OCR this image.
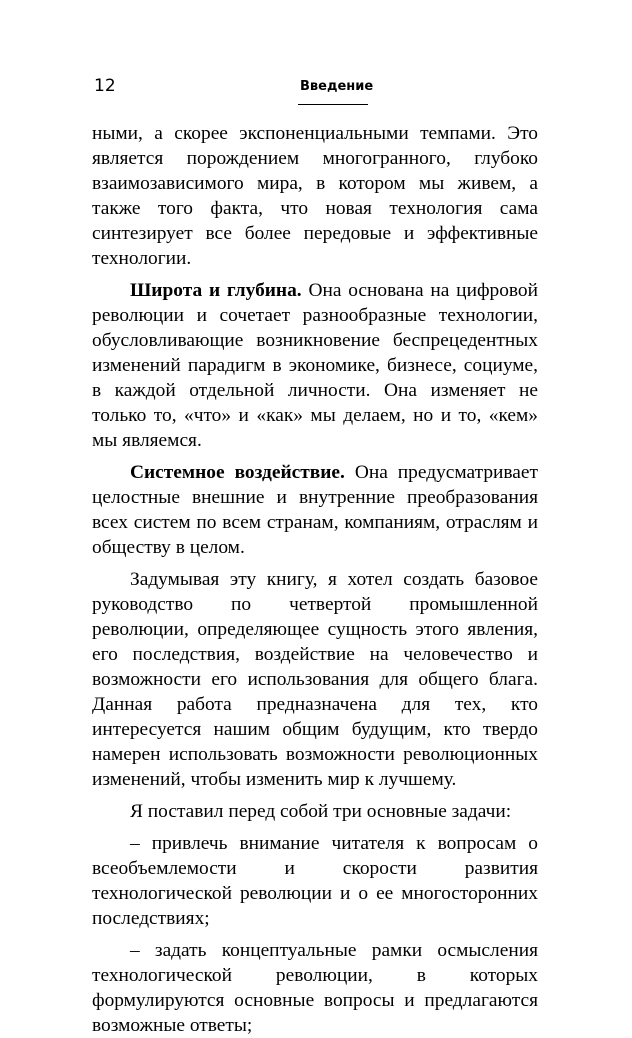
12	Введение

ными, а скорее экспоненциальными темпами. Это является порождением многогранного, глубоко взаимозависимого мира, в котором мы живем, а также того факта, что новая технология сама синтезирует все более передовые и эффективные технологии.

Широта и глубина. Она основана на цифровой революции и сочетает разнообразные технологии, обусловливающие возникновение беспрецедентных изменений парадигм в экономике, бизнесе, социуме, в каждой отдельной личности. Она изменяет не только то, «что» и «как» мы делаем, но и то, «кем» мы являемся.

Системное воздействие. Она предусматривает целостные внешние и внутренние преобразования всех систем по всем странам, компаниям, отраслям и обществу в целом.

Задумывая эту книгу, я хотел создать базовое руководство по четвертой промышленной революции, определяющее сущность этого явления, его последствия, воздействие на человечество и возможности его использования для общего блага. Данная работа предназначена для тех, кто интересуется нашим общим будущим, кто твердо намерен использовать возможности революционных изменений, чтобы изменить мир к лучшему.

Я поставил перед собой три основные задачи:

– привлечь внимание читателя к вопросам о всеобъемлемости и скорости развития технологической революции и о ее многосторонних последствиях;

– задать концептуальные рамки осмысления технологической революции, в которых формулируются основные вопросы и предлагаются возможные ответы;
